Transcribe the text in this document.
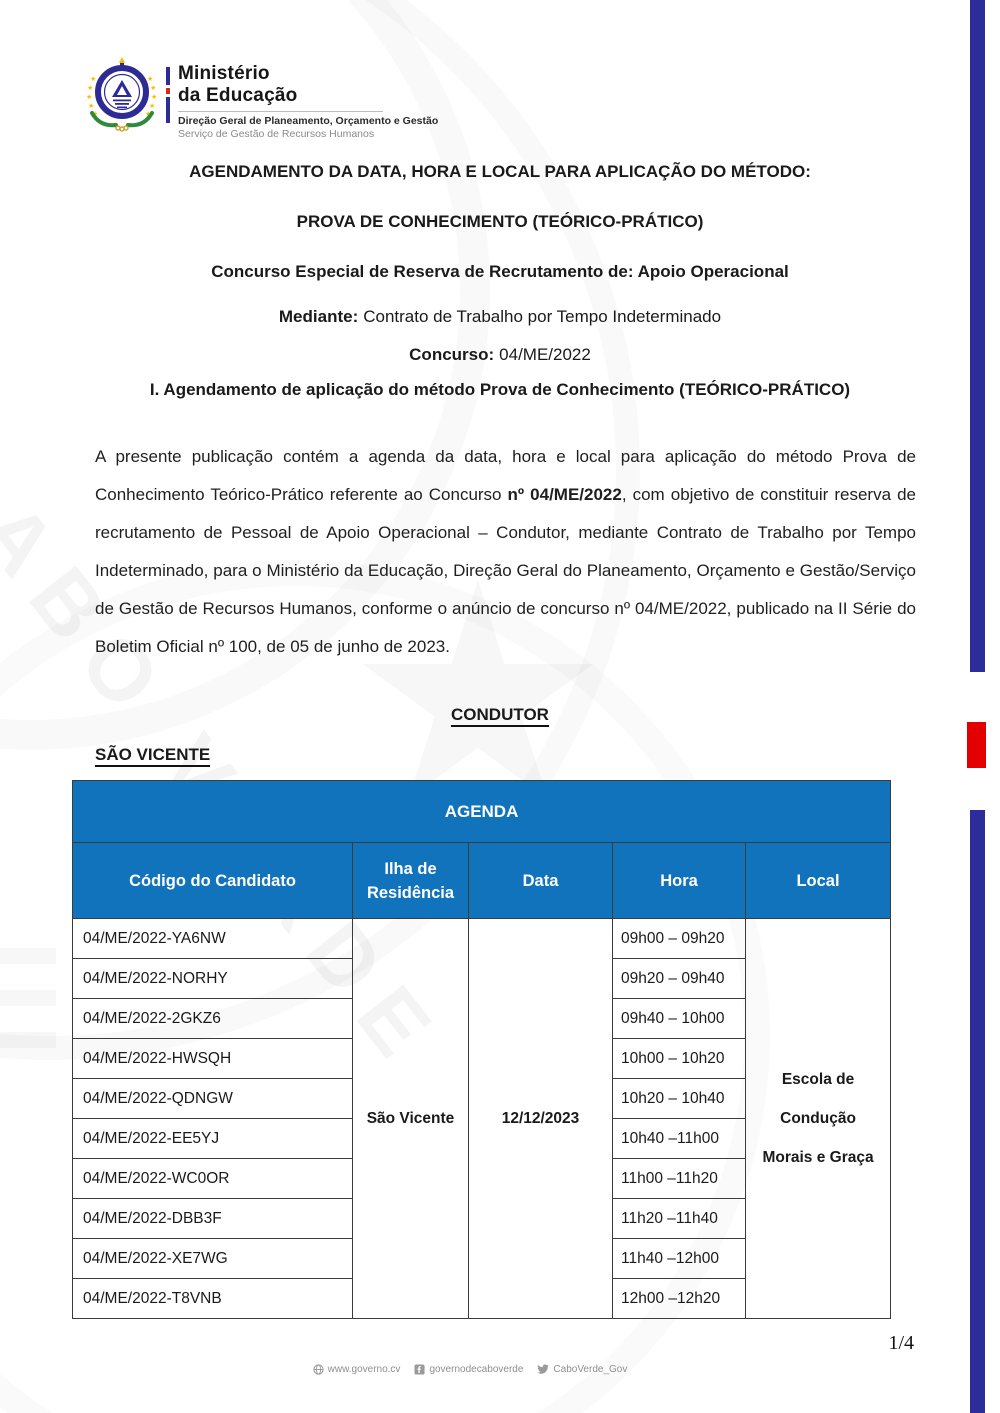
★
★
★
★
★
★
★
★
★
★
Ministério
da Educação
Direção Geral de Planeamento, Orçamento e Gestão
Serviço de Gestão de Recursos Humanos
AGENDAMENTO DA DATA, HORA E LOCAL PARA APLICAÇÃO DO MÉTODO:
PROVA DE CONHECIMENTO (TEÓRICO-PRÁTICO)
Concurso Especial de Reserva de Recrutamento de: Apoio Operacional
Mediante: Contrato de Trabalho por Tempo Indeterminado
Concurso: 04/ME/2022
I. Agendamento de aplicação do método Prova de Conhecimento (TEÓRICO-PRÁTICO)

A presente publicação contém a agenda da data, hora e local para aplicação do método Prova de Conhecimento Teórico-Prático referente ao Concurso nº 04/ME/2022, com objetivo de constituir reserva de recrutamento de Pessoal de Apoio Operacional – Condutor, mediante Contrato de Trabalho por Tempo Indeterminado, para o Ministério da Educação, Direção Geral do Planeamento, Orçamento e Gestão/Serviço de Gestão de Recursos Humanos, conforme o anúncio de concurso nº 04/ME/2022, publicado na II Série do Boletim Oficial nº 100, de 05 de junho de 2023.

CONDUTOR
SÃO VICENTE
AGENDA				
Código do Candidato	Ilha de Residência	Data	Hora	Local
04/ME/2022-YA6NW	São Vicente	12/12/2023	09h00 – 09h20	Escola de
Condução
Morais e Graça

04/ME/2022-NORHY			09h20 – 09h40	
04/ME/2022-2GKZ6			09h40 – 10h00	
04/ME/2022-HWSQH			10h00 – 10h20	
04/ME/2022-QDNGW			10h20 – 10h40	
04/ME/2022-EE5YJ			10h40 –11h00	
04/ME/2022-WC0OR			11h00 –11h20	
04/ME/2022-DBB3F			11h20 –11h40	
04/ME/2022-XE7WG			11h40 –12h00	
04/ME/2022-T8VNB			12h00 –12h20	
1/4
www.governo.cv	governodecaboverde	CaboVerde_Gov
